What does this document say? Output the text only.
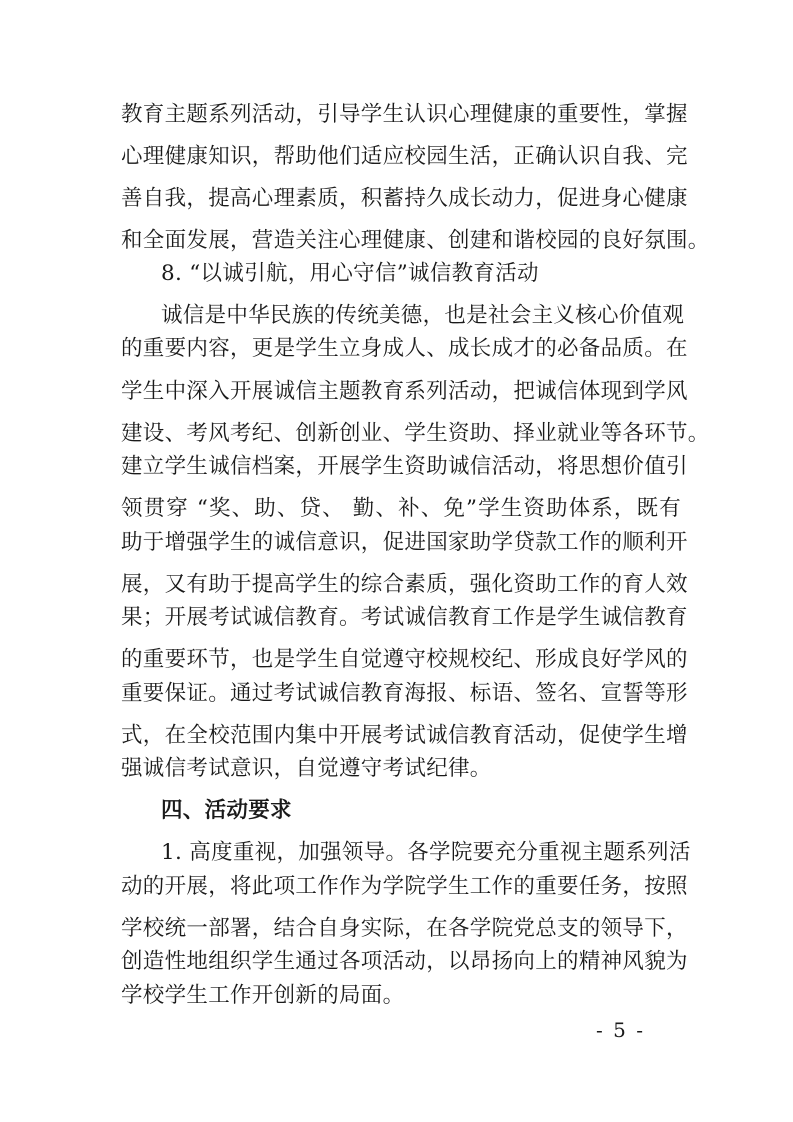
教育主题系列活动，引导学生认识心理健康的重要性，掌握
心理健康知识，帮助他们适应校园生活，正确认识自我、完
善自我，提高心理素质，积蓄持久成长动力，促进身心健康
和全面发展，营造关注心理健康、创建和谐校园的良好氛围。
8. “以诚引航，用心守信”诚信教育活动
诚信是中华民族的传统美德，也是社会主义核心价值观
的重要内容，更是学生立身成人、成长成才的必备品质。在
学生中深入开展诚信主题教育系列活动，把诚信体现到学风
建设、考风考纪、创新创业、学生资助、择业就业等各环节。
建立学生诚信档案，开展学生资助诚信活动，将思想价值引
领贯穿 “奖、助、贷、 勤、补、免”学生资助体系，既有
助于增强学生的诚信意识，促进国家助学贷款工作的顺利开
展，又有助于提高学生的综合素质，强化资助工作的育人效
果；开展考试诚信教育。考试诚信教育工作是学生诚信教育
的重要环节，也是学生自觉遵守校规校纪、形成良好学风的
重要保证。通过考试诚信教育海报、标语、签名、宣誓等形
式，在全校范围内集中开展考试诚信教育活动，促使学生增
强诚信考试意识，自觉遵守考试纪律。
四、活动要求
1. 高度重视，加强领导。各学院要充分重视主题系列活
动的开展，将此项工作作为学院学生工作的重要任务，按照
学校统一部署，结合自身实际，在各学院党总支的领导下，
创造性地组织学生通过各项活动，以昂扬向上的精神风貌为
学校学生工作开创新的局面。
- 5 -
